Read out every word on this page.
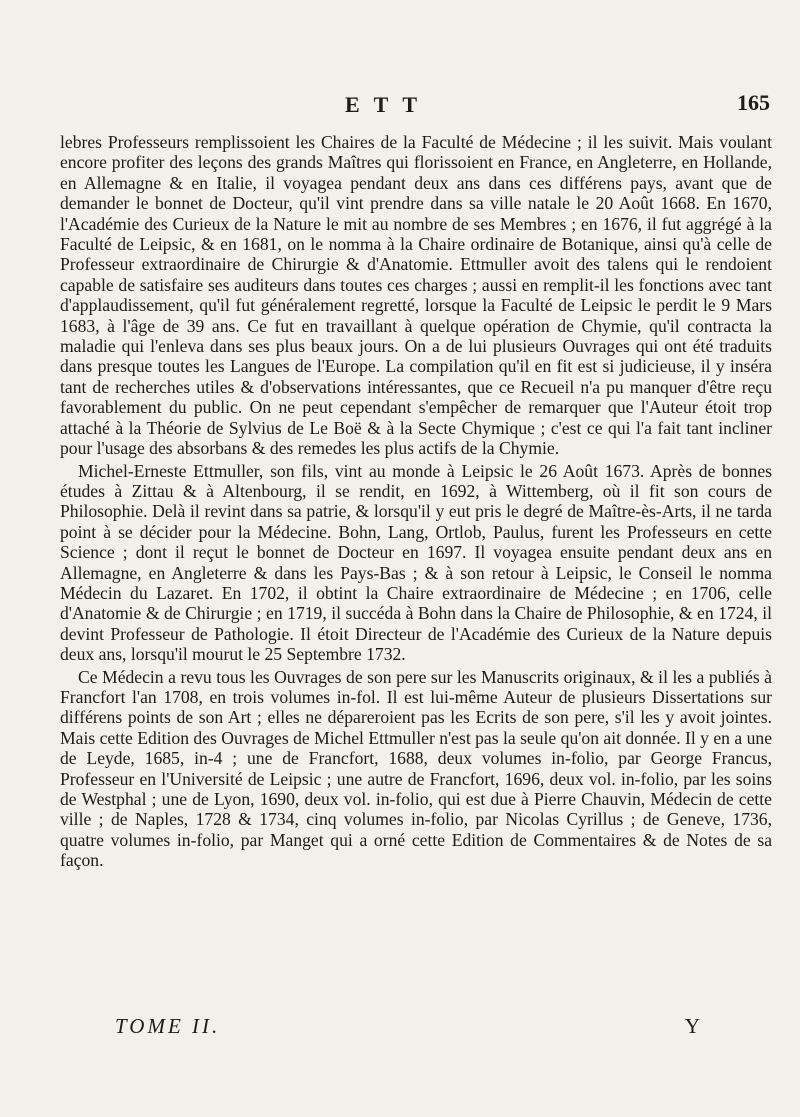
ETT	165

lebres Professeurs remplissoient les Chaires de la Faculté de Médecine ; il les suivit. Mais voulant encore profiter des leçons des grands Maîtres qui florissoient en France, en Angleterre, en Hollande, en Allemagne & en Italie, il voyagea pendant deux ans dans ces différens pays, avant que de demander le bonnet de Docteur, qu'il vint prendre dans sa ville natale le 20 Août 1668. En 1670, l'Académie des Curieux de la Nature le mit au nombre de ses Membres ; en 1676, il fut aggrégé à la Faculté de Leipsic, & en 1681, on le nomma à la Chaire ordinaire de Botanique, ainsi qu'à celle de Professeur extraordinaire de Chirurgie & d'Anatomie. Ettmuller avoit des talens qui le rendoient capable de satisfaire ses auditeurs dans toutes ces charges ; aussi en remplit-il les fonctions avec tant d'applaudissement, qu'il fut généralement regretté, lorsque la Faculté de Leipsic le perdit le 9 Mars 1683, à l'âge de 39 ans. Ce fut en travaillant à quelque opération de Chymie, qu'il contracta la maladie qui l'enleva dans ses plus beaux jours. On a de lui plusieurs Ouvrages qui ont été traduits dans presque toutes les Langues de l'Europe. La compilation qu'il en fit est si judicieuse, il y inséra tant de recherches utiles & d'observations intéressantes, que ce Recueil n'a pu manquer d'être reçu favorablement du public. On ne peut cependant s'empêcher de remarquer que l'Auteur étoit trop attaché à la Théorie de Sylvius de Le Boë & à la Secte Chymique ; c'est ce qui l'a fait tant incliner pour l'usage des absorbans & des remedes les plus actifs de la Chymie.

Michel-Erneste Ettmuller, son fils, vint au monde à Leipsic le 26 Août 1673. Après de bonnes études à Zittau & à Altenbourg, il se rendit, en 1692, à Wittemberg, où il fit son cours de Philosophie. Delà il revint dans sa patrie, & lorsqu'il y eut pris le degré de Maître-ès-Arts, il ne tarda point à se décider pour la Médecine. Bohn, Lang, Ortlob, Paulus, furent les Professeurs en cette Science ; dont il reçut le bonnet de Docteur en 1697. Il voyagea ensuite pendant deux ans en Allemagne, en Angleterre & dans les Pays-Bas ; & à son retour à Leipsic, le Conseil le nomma Médecin du Lazaret. En 1702, il obtint la Chaire extraordinaire de Médecine ; en 1706, celle d'Anatomie & de Chirurgie ; en 1719, il succéda à Bohn dans la Chaire de Philosophie, & en 1724, il devint Professeur de Pathologie. Il étoit Directeur de l'Académie des Curieux de la Nature depuis deux ans, lorsqu'il mourut le 25 Septembre 1732.

Ce Médecin a revu tous les Ouvrages de son pere sur les Manuscrits originaux, & il les a publiés à Francfort l'an 1708, en trois volumes in-fol. Il est lui-même Auteur de plusieurs Dissertations sur différens points de son Art ; elles ne dépareroient pas les Ecrits de son pere, s'il les y avoit jointes. Mais cette Edition des Ouvrages de Michel Ettmuller n'est pas la seule qu'on ait donnée. Il y en a une de Leyde, 1685, in-4 ; une de Francfort, 1688, deux volumes in-folio, par George Francus, Professeur en l'Université de Leipsic ; une autre de Francfort, 1696, deux vol. in-folio, par les soins de Westphal ; une de Lyon, 1690, deux vol. in-folio, qui est due à Pierre Chauvin, Médecin de cette ville ; de Naples, 1728 & 1734, cinq volumes in-folio, par Nicolas Cyrillus ; de Geneve, 1736, quatre volumes in-folio, par Manget qui a orné cette Edition de Commentaires & de Notes de sa façon.

TOME II.	Y
